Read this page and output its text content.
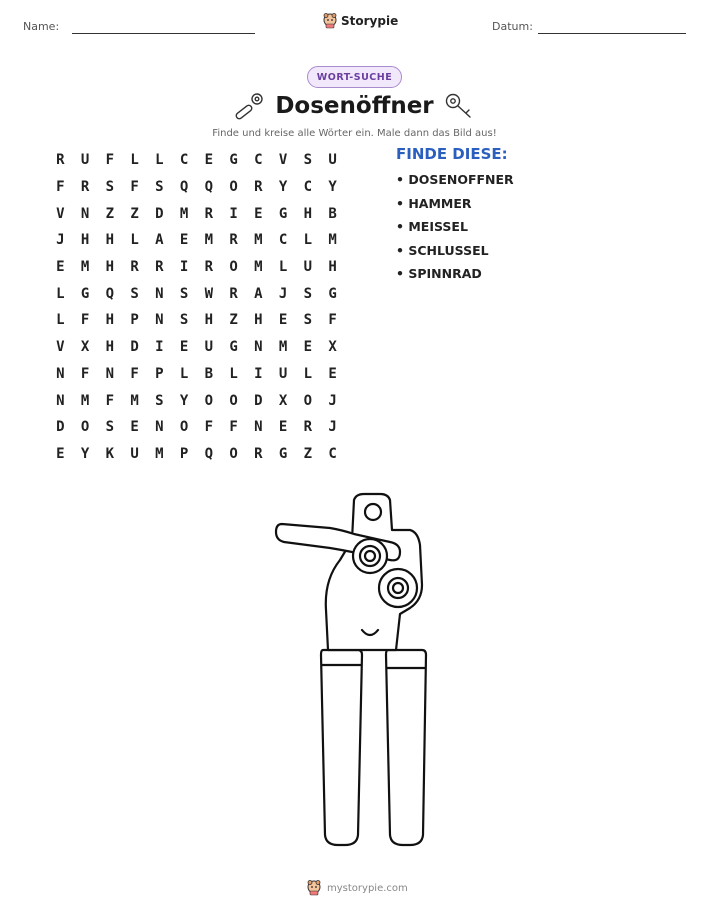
Name:	Storypie	Datum:
WORT-SUCHE
Dosenöffner
Finde und kreise alle Wörter ein. Male dann das Bild aus!
R	U	F	L	L	C	E	G	C	V	S	U
F	R	S	F	S	Q	Q	O	R	Y	C	Y
V	N	Z	Z	D	M	R	I	E	G	H	B
J	H	H	L	A	E	M	R	M	C	L	M
E	M	H	R	R	I	R	O	M	L	U	H
L	G	Q	S	N	S	W	R	A	J	S	G
L	F	H	P	N	S	H	Z	H	E	S	F
V	X	H	D	I	E	U	G	N	M	E	X
N	F	N	F	P	L	B	L	I	U	L	E
N	M	F	M	S	Y	O	O	D	X	O	J
D	O	S	E	N	O	F	F	N	E	R	J
E	Y	K	U	M	P	Q	O	R	G	Z	C
FINDE DIESE:
• DOSENOFFNER
• HAMMER
• MEISSEL
• SCHLUSSEL
• SPINNRAD
mystorypie.com
